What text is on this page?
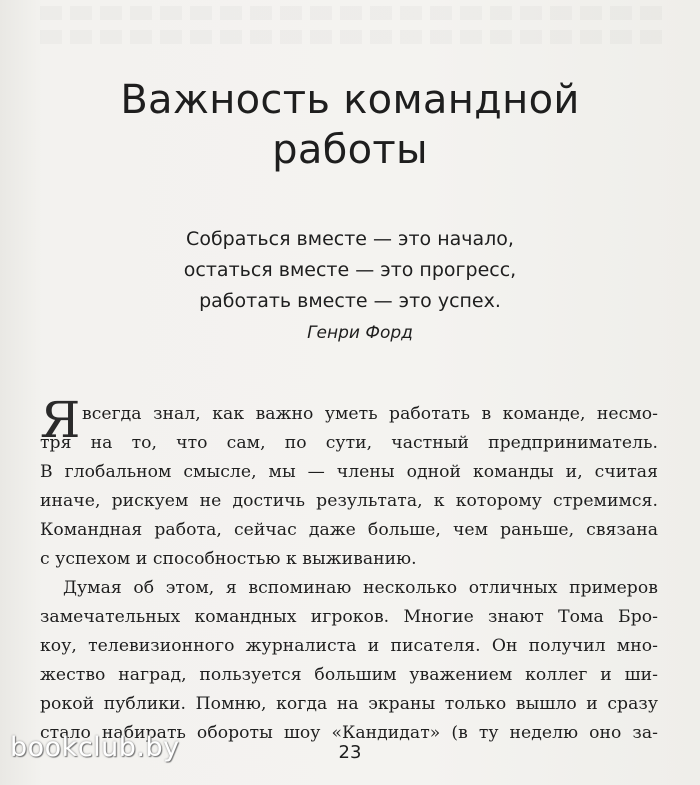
Важность командной
работы
Собраться вместе — это начало,
остаться вместе — это прогресс,
работать вместе — это успех.
Генри Форд
Я всегда знал, как важно уметь работать в команде, несмо-
тря на то, что сам, по сути, частный предприниматель.
В глобальном смысле, мы — члены одной команды и, считая
иначе, рискуем не достичь результата, к которому стремимся.
Командная работа, сейчас даже больше, чем раньше, связана
с успехом и способностью к выживанию.
Думая об этом, я вспоминаю несколько отличных примеров
замечательных командных игроков. Многие знают Тома Бро-
коу, телевизионного журналиста и писателя. Он получил мно-
жество наград, пользуется большим уважением коллег и ши-
рокой публики. Помню, когда на экраны только вышло и сразу
стало набирать обороты шоу «Кандидат» (в ту неделю оно за-
23
bookclub.by
